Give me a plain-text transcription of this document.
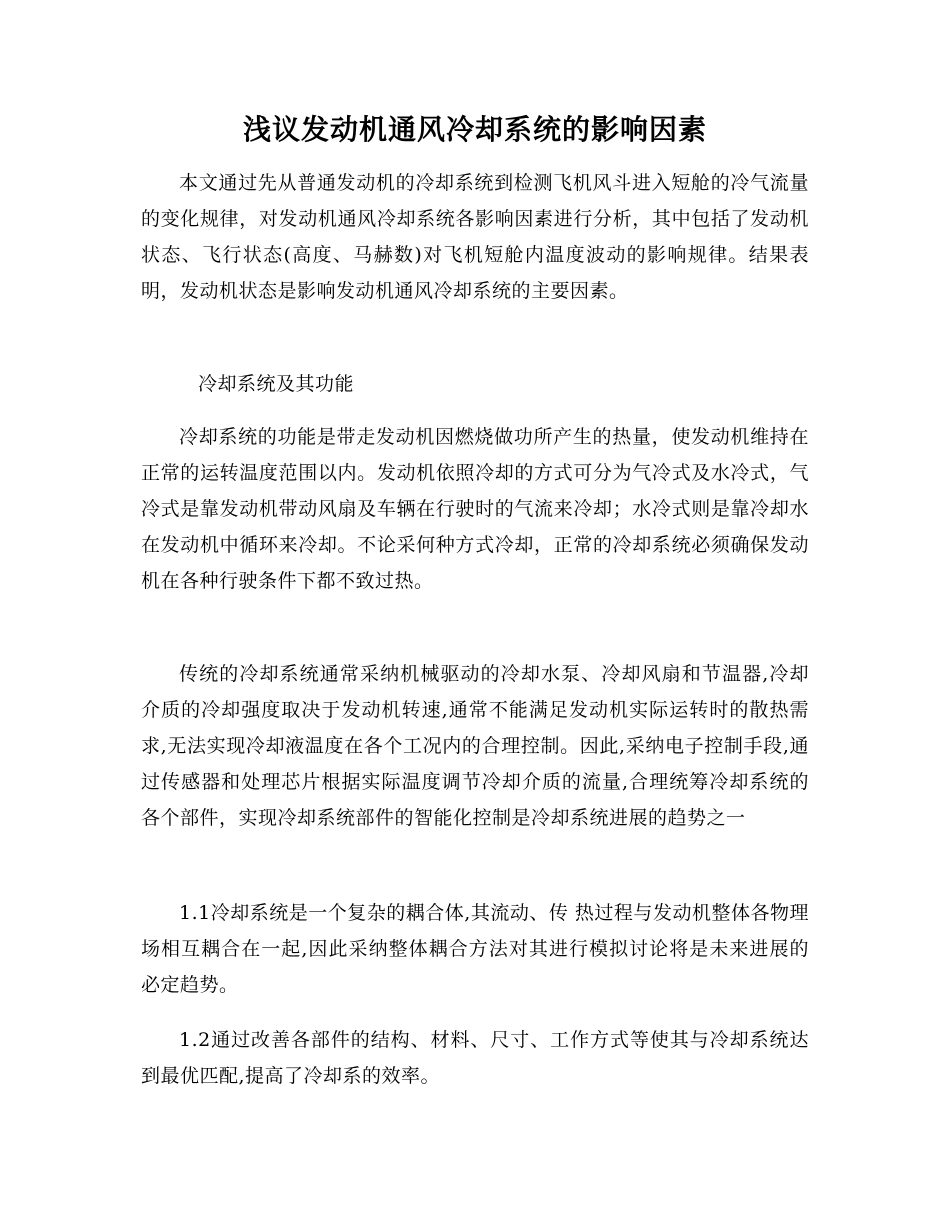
浅议发动机通风冷却系统的影响因素

本文通过先从普通发动机的冷却系统到检测飞机风斗进入短舱的冷气流量的变化规律，对发动机通风冷却系统各影响因素进行分析，其中包括了发动机状态、飞行状态(高度、马赫数)对飞机短舱内温度波动的影响规律。结果表明，发动机状态是影响发动机通风冷却系统的主要因素。

冷却系统及其功能

冷却系统的功能是带走发动机因燃烧做功所产生的热量，使发动机维持在正常的运转温度范围以内。发动机依照冷却的方式可分为气冷式及水冷式，气冷式是靠发动机带动风扇及车辆在行驶时的气流来冷却；水冷式则是靠冷却水在发动机中循环来冷却。不论采何种方式冷却，正常的冷却系统必须确保发动机在各种行驶条件下都不致过热。

传统的冷却系统通常采纳机械驱动的冷却水泵、冷却风扇和节温器,冷却介质的冷却强度取决于发动机转速,通常不能满足发动机实际运转时的散热需求,无法实现冷却液温度在各个工况内的合理控制。因此,采纳电子控制手段,通过传感器和处理芯片根据实际温度调节冷却介质的流量,合理统筹冷却系统的各个部件，实现冷却系统部件的智能化控制是冷却系统进展的趋势之一

1.1冷却系统是一个复杂的耦合体,其流动、传 热过程与发动机整体各物理场相互耦合在一起,因此采纳整体耦合方法对其进行模拟讨论将是未来进展的必定趋势。

1.2通过改善各部件的结构、材料、尺寸、工作方式等使其与冷却系统达到最优匹配,提高了冷却系的效率。
